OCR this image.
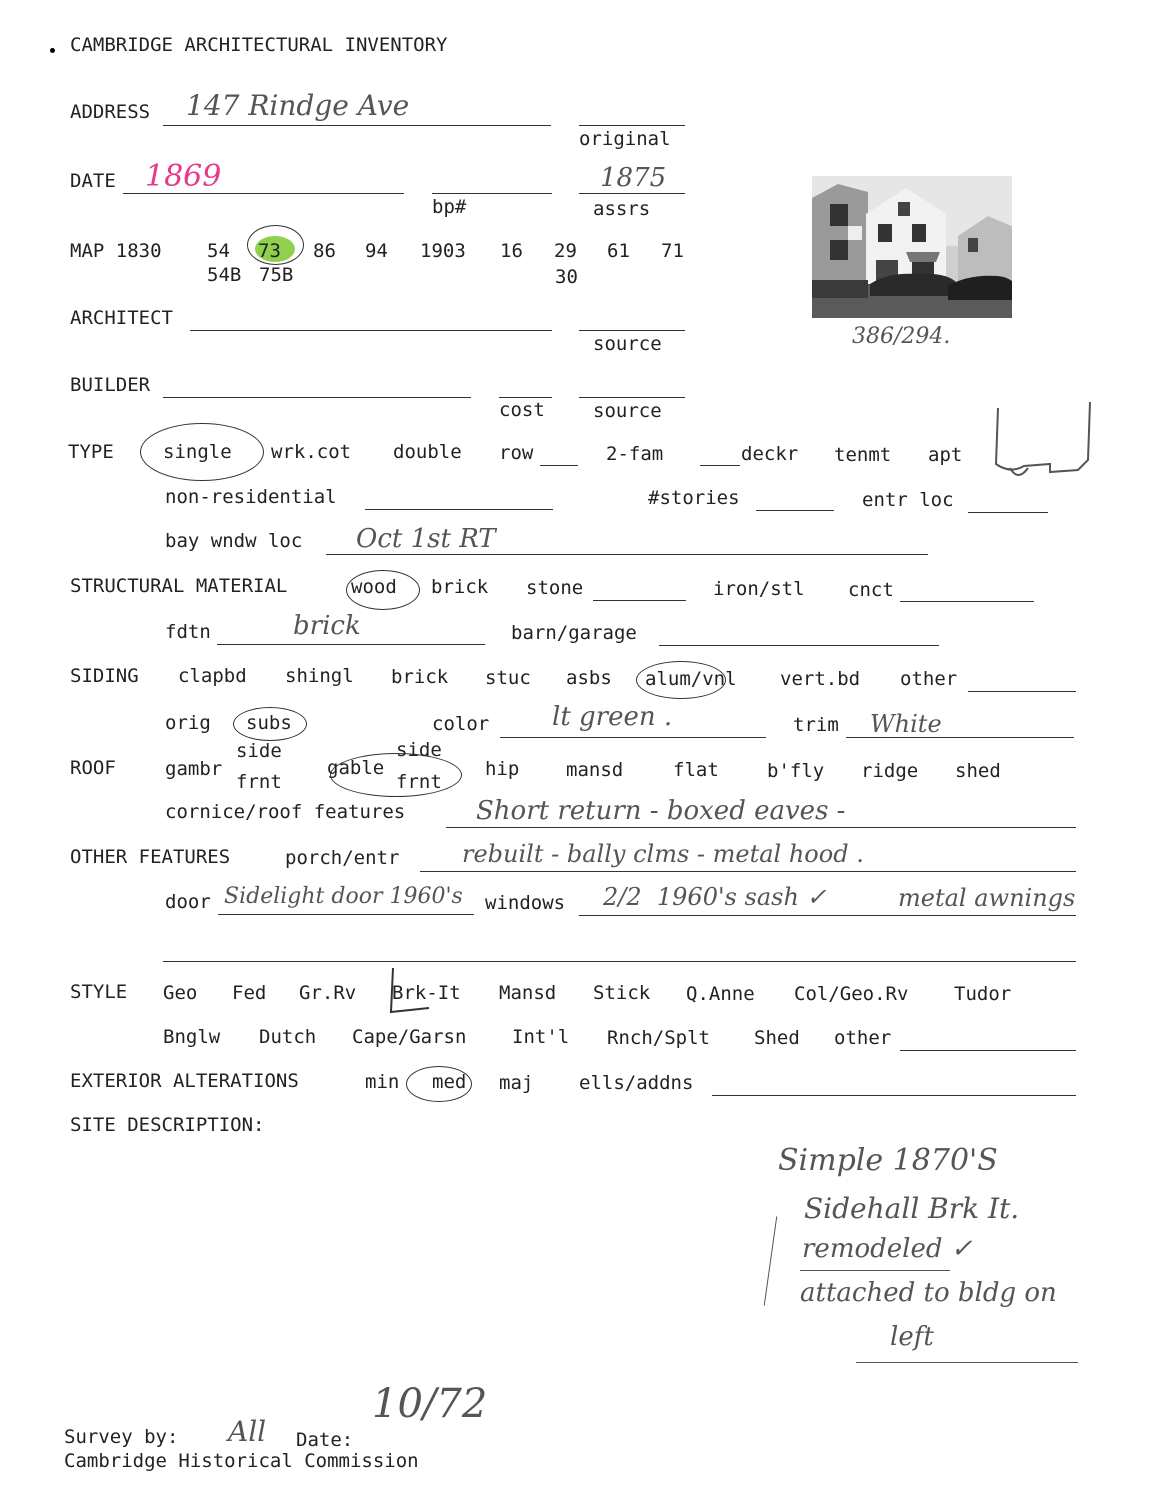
CAMBRIDGE ARCHITECTURAL INVENTORY
ADDRESS 147 Rindge Ave
original
DATE 1869
bp#
1875
assrs
MAP 1830 54 73 86 94 1903 16 29 61 71
54B 75B	30
386/294.
ARCHITECT
source
BUILDER
cost	source
TYPE	single wrk.cot double row	2-fam	deckr tenmt apt
non-residential	#stories	entr loc
bay wndw loc Oct 1st RT
STRUCTURAL MATERIAL	wood brick stone	iron/stl cnct
fdtn	brick	barn/garage
SIDING clapbd shingl brick stuc asbs alum/vnl vert.bd other
orig subs	color lt green .	trim White
ROOF	gambr
side
frnt
gable
side
frnt
hip mansd	flat	b'fly ridge shed
cornice/roof features	Short return - boxed eaves -
OTHER FEATURES	porch/entr	rebuilt - bally clms - metal hood .
door Sidelight door 1960's windows 2/2  1960's sash ✓	metal awnings
STYLE Geo Fed Gr.Rv Brk-It Mansd Stick Q.Anne Col/Geo.Rv Tudor
Bnglw Dutch Cape/Garsn Int'l Rnch/Splt Shed other
EXTERIOR ALTERATIONS	min med maj ells/addns
SITE DESCRIPTION:
Simple 1870'S
Sidehall Brk It.
remodeled ✓
attached to bldg on
left
Survey by: All Date:
10/72
Cambridge Historical Commission
